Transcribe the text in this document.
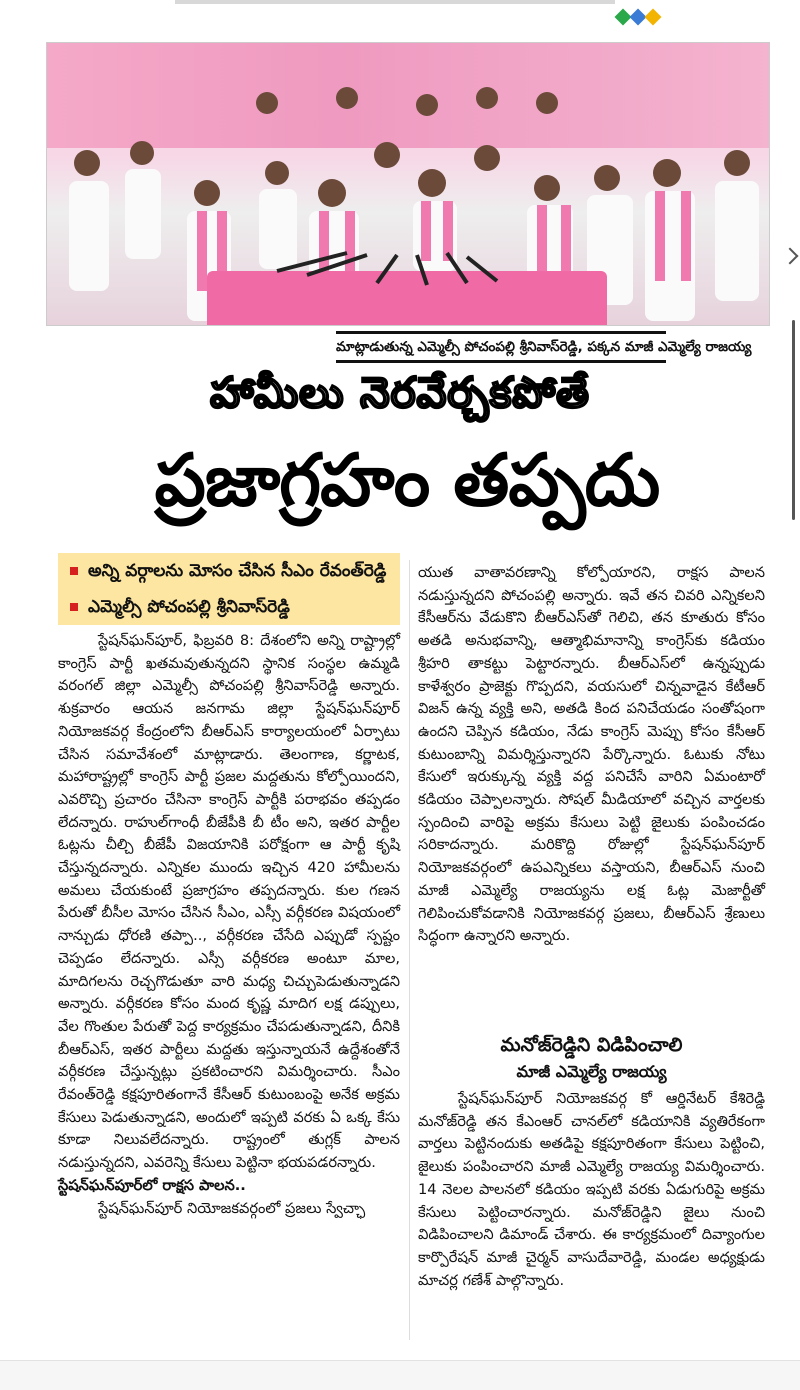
మాట్లాడుతున్న ఎమ్మెల్సీ పోచంపల్లి శ్రీనివాస్‌రెడ్డి, పక్కన మాజీ ఎమ్మెల్యే రాజయ్య
హామీలు నెరవేర్చకపోతే
ప్రజాగ్రహం తప్పదు
అన్ని వర్గాలను మోసం చేసిన సీఎం రేవంత్‌రెడ్డి
ఎమ్మెల్సీ పోచంపల్లి శ్రీనివాస్‌రెడ్డి

స్టేషన్‌ఘన్‌పూర్, ఫిబ్రవరి 8: దేశంలోని అన్ని రాష్ట్రాల్లో కాంగ్రెస్ పార్టీ ఖతమవుతున్నదని స్థానిక సంస్థల ఉమ్మడి వరంగల్ జిల్లా ఎమ్మెల్సీ పోచంపల్లి శ్రీనివాస్‌రెడ్డి అన్నారు. శుక్రవారం ఆయన జనగామ జిల్లా స్టేషన్‌ఘన్‌పూర్ నియోజకవర్గ కేంద్రంలోని బీఆర్ఎస్ కార్యాలయంలో ఏర్పాటు చేసిన సమావేశంలో మాట్లాడారు. తెలంగాణ, కర్ణాటక, మహారాష్ట్రల్లో కాంగ్రెస్ పార్టీ ప్రజల మద్దతును కోల్పోయిందని, ఎవరొచ్చి ప్రచారం చేసినా కాంగ్రెస్ పార్టీకి పరాభవం తప్పడం లేదన్నారు. రాహుల్‌గాంధీ బీజేపీకి బీ టీం అని, ఇతర పార్టీల ఓట్లను చీల్చి బీజేపీ విజయానికి పరోక్షంగా ఆ పార్టీ కృషి చేస్తున్నదన్నారు. ఎన్నికల ముందు ఇచ్చిన 420 హామీలను అమలు చేయకుంటే ప్రజాగ్రహం తప్పదన్నారు. కుల గణన పేరుతో బీసీల మోసం చేసిన సీఎం, ఎస్సీ వర్గీకరణ విషయంలో నాన్చుడు ధోరణి తప్పా.., వర్గీకరణ చేసేది ఎప్పుడో స్పష్టం చెప్పడం లేదన్నారు. ఎస్సీ వర్గీకరణ అంటూ మాల, మాదిగలను రెచ్చగొడుతూ వారి మధ్య చిచ్చుపెడుతున్నాడని అన్నారు. వర్గీకరణ కోసం మంద కృష్ణ మాదిగ లక్ష డప్పులు, వేల గొంతుల పేరుతో పెద్ద కార్యక్రమం చేపడుతున్నాడని, దీనికి బీఆర్ఎస్, ఇతర పార్టీలు మద్దతు ఇస్తున్నాయనే ఉద్దేశంతోనే వర్గీకరణ చేస్తున్నట్లు ప్రకటించారని విమర్శించారు. సీఎం రేవంత్‌రెడ్డి కక్షపూరితంగానే కేసీఆర్ కుటుంబంపై అనేక అక్రమ కేసులు పెడుతున్నాడని, అందులో ఇప్పటి వరకు ఏ ఒక్క కేసు కూడా నిలువలేదన్నారు. రాష్ట్రంలో తుగ్లక్ పాలన నడుస్తున్నదని, ఎవరెన్ని కేసులు పెట్టినా భయపడరన్నారు.

స్టేషన్‌ఘన్‌పూర్‌లో రాక్షస పాలన..

స్టేషన్‌ఘన్‌పూర్ నియోజకవర్గంలో ప్రజలు స్వేచ్ఛా

యుత వాతావరణాన్ని కోల్పోయారని, రాక్షస పాలన నడుస్తున్నదని పోచంపల్లి అన్నారు. ఇవే తన చివరి ఎన్నికలని కేసీఆర్‌ను వేడుకొని బీఆర్ఎస్‌తో గెలిచి, తన కూతురు కోసం అతడి అనుభవాన్ని, ఆత్మాభిమానాన్ని కాంగ్రెస్‌కు కడియం శ్రీహరి తాకట్టు పెట్టారన్నారు. బీఆర్ఎస్‌లో ఉన్నప్పుడు కాళేశ్వరం ప్రాజెక్టు గొప్పదని, వయసులో చిన్నవాడైన కేటీఆర్ విజన్ ఉన్న వ్యక్తి అని, అతడి కింద పనిచేయడం సంతోషంగా ఉందని చెప్పిన కడియం, నేడు కాంగ్రెస్ మెప్పు కోసం కేసీఆర్ కుటుంబాన్ని విమర్శిస్తున్నారని పేర్కొన్నారు. ఓటుకు నోటు కేసులో ఇరుక్కున్న వ్యక్తి వద్ద పనిచేసే వారిని ఏమంటారో కడియం చెప్పాలన్నారు. సోషల్ మీడియాలో వచ్చిన వార్తలకు స్పందించి వారిపై అక్రమ కేసులు పెట్టి జైలుకు పంపించడం సరికాదన్నారు. మరికొద్ది రోజుల్లో స్టేషన్‌ఘన్‌పూర్ నియోజకవర్గంలో ఉపఎన్నికలు వస్తాయని, బీఆర్ఎస్ నుంచి మాజీ ఎమ్మెల్యే రాజయ్యను లక్ష ఓట్ల మెజార్టీతో గెలిపించుకోవడానికి నియోజకవర్గ ప్రజలు, బీఆర్ఎస్ శ్రేణులు సిద్ధంగా ఉన్నారని అన్నారు.

మనోజ్‌రెడ్డిని విడిపించాలి
మాజీ ఎమ్మెల్యే రాజయ్య

స్టేషన్‌ఘన్‌పూర్ నియోజకవర్గ కో ఆర్డినేటర్ కేశిరెడ్డి మనోజ్‌రెడ్డి తన కేఎంఆర్ చానల్‌లో కడియానికి వ్యతిరేకంగా వార్తలు పెట్టినందుకు అతడిపై కక్షపూరితంగా కేసులు పెట్టించి, జైలుకు పంపించారని మాజీ ఎమ్మెల్యే రాజయ్య విమర్శించారు. 14 నెలల పాలనలో కడియం ఇప్పటి వరకు ఏడుగురిపై అక్రమ కేసులు పెట్టించారన్నారు. మనోజ్‌రెడ్డిని జైలు నుంచి విడిపించాలని డిమాండ్ చేశారు. ఈ కార్యక్రమంలో దివ్యాంగుల కార్పొరేషన్ మాజీ చైర్మన్ వాసుదేవారెడ్డి, మండల అధ్యక్షుడు మాచర్ల గణేశ్ పాల్గొన్నారు.
